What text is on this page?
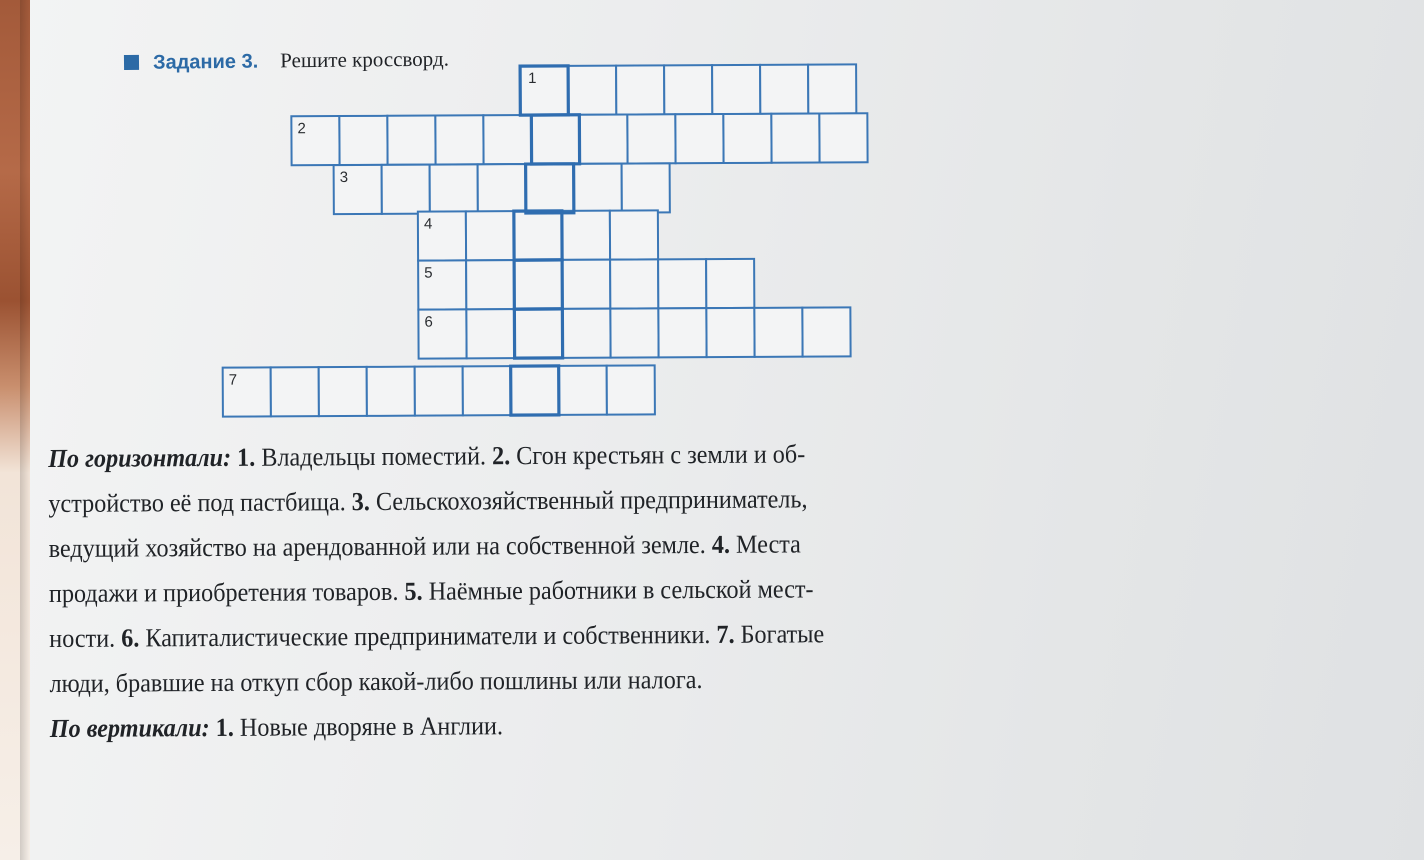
Задание 3. Решите кроссворд.
1
2
3
4
5
6
7
По горизонтали: 1. Владельцы поместий. 2. Сгон крестьян с земли и об-
устройство её под пастбища. 3. Сельскохозяйственный предприниматель,
ведущий хозяйство на арендованной или на собственной земле. 4. Места
продажи и приобретения товаров. 5. Наёмные работники в сельской мест-
ности. 6. Капиталистические предприниматели и собственники. 7. Богатые
люди, бравшие на откуп сбор какой-либо пошлины или налога.
По вертикали: 1. Новые дворяне в Англии.
